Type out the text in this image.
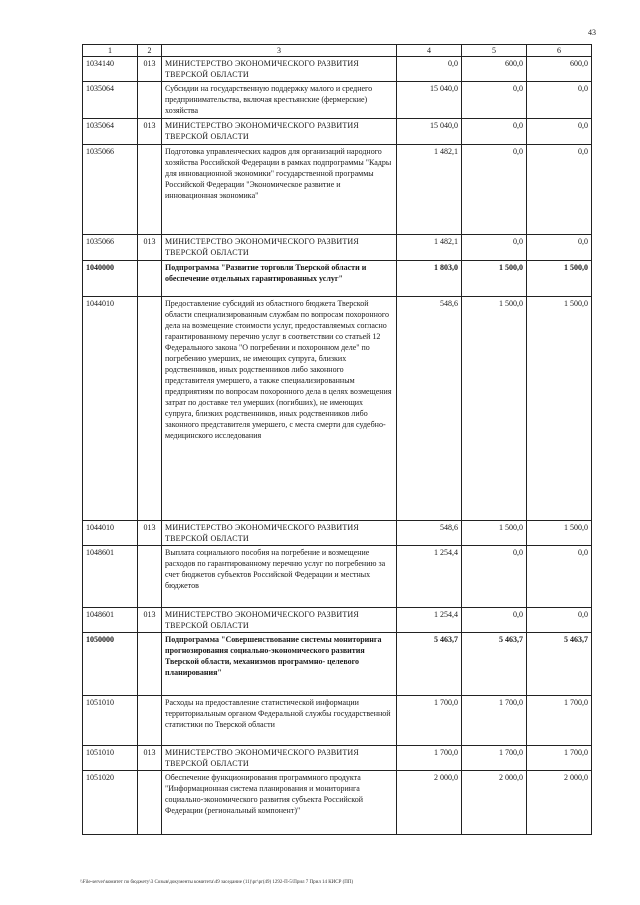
43
1	2	3	4	5	6
1034140	013	МИНИСТЕРСТВО ЭКОНОМИЧЕСКОГО РАЗВИТИЯ ТВЕРСКОЙ ОБЛАСТИ	0,0	600,0	600,0
1035064		Субсидии на государственную поддержку малого и среднего предпринимательства, включая крестьянские (фермерские) хозяйства	15 040,0	0,0	0,0
1035064	013	МИНИСТЕРСТВО ЭКОНОМИЧЕСКОГО РАЗВИТИЯ ТВЕРСКОЙ ОБЛАСТИ	15 040,0	0,0	0,0
1035066		Подготовка управленческих кадров для организаций народного хозяйства Российской Федерации в рамках подпрограммы "Кадры для инновационной экономики" государственной программы Российской Федерации "Экономическое развитие и инновационная экономика"	1 482,1	0,0	0,0
1035066	013	МИНИСТЕРСТВО ЭКОНОМИЧЕСКОГО РАЗВИТИЯ ТВЕРСКОЙ ОБЛАСТИ	1 482,1	0,0	0,0
1040000		Подпрограмма "Развитие торговли Тверской области и обеспечение отдельных гарантированных услуг"	1 803,0	1 500,0	1 500,0
1044010		Предоставление субсидий из областного бюджета Тверской области специализированным службам по вопросам похоронного дела на возмещение стоимости услуг, предоставляемых согласно гарантированному перечню услуг в соответствии со статьей 12 Федерального закона "О погребении и похоронном деле" по погребению умерших, не имеющих супруга, близких родственников, иных родственников либо законного представителя умершего, а также специализированным предприятиям по вопросам похоронного дела в целях возмещения затрат по доставке тел умерших (погибших), не имеющих супруга, близких родственников, иных родственников либо законного представителя умершего, с места смерти для судебно-медицинского исследования	548,6	1 500,0	1 500,0
1044010	013	МИНИСТЕРСТВО ЭКОНОМИЧЕСКОГО РАЗВИТИЯ ТВЕРСКОЙ ОБЛАСТИ	548,6	1 500,0	1 500,0
1048601		Выплата социального пособия на погребение и возмещение расходов по гарантированному перечню услуг по погребению за счет бюджетов субъектов Российской Федерации и местных бюджетов	1 254,4	0,0	0,0
1048601	013	МИНИСТЕРСТВО ЭКОНОМИЧЕСКОГО РАЗВИТИЯ ТВЕРСКОЙ ОБЛАСТИ	1 254,4	0,0	0,0
1050000		Подпрограмма "Совершенствование системы мониторинга прогнозирования социально-экономического развития Тверской области, механизмов программно- целевого планирования"	5 463,7	5 463,7	5 463,7
1051010		Расходы на предоставление статистической информации территориальным органом Федеральной службы государственной статистики по Тверской области	1 700,0	1 700,0	1 700,0
1051010	013	МИНИСТЕРСТВО ЭКОНОМИЧЕСКОГО РАЗВИТИЯ ТВЕРСКОЙ ОБЛАСТИ	1 700,0	1 700,0	1 700,0
1051020		Обеспечение функционирования программного продукта "Информационная система планирования и мониторинга социально-экономического развития субъекта Российской Федерации (региональный компонент)"	2 000,0	2 000,0	2 000,0
\\File-server\комитет по бюджету\3 Созыв\документы комитета\49 заседание (11)\рг\pr(49) 1292-П-5\Прил 7 Прил 14 КИСР (ПП)
